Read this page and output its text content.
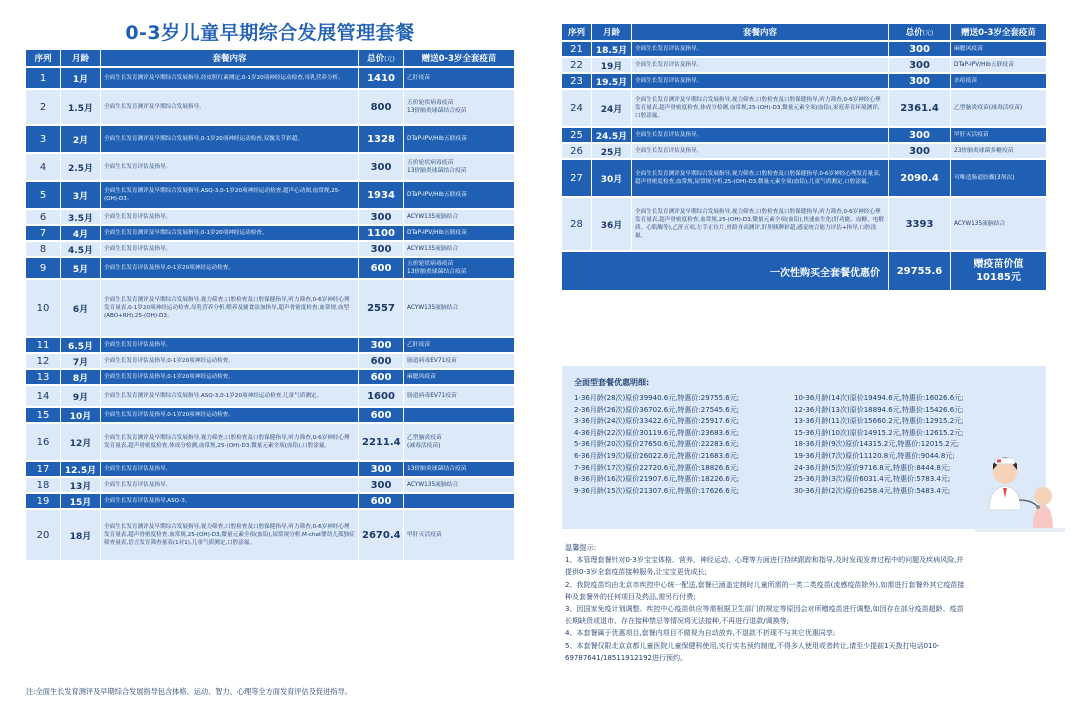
0-3岁儿童早期综合发展管理套餐
序列	月龄	套餐内容	总价(元)	赠送0-3岁全套疫苗
1	1月	全面生长发育测评及早期综合发展指导,经皮胆红素测定,0-1岁20项神经运动检查,母乳营养分析。	1410	乙肝疫苗
2	1.5月	全面生长发育测评及早期综合发展指导。	800	五价轮状病毒疫苗
13价肺炎球菌结合疫苗
3	2月	全面生长发育测评及早期综合发展指导,0-1岁20项神经运动检查,双髋关节彩超。	1328	DTaP-IPV/Hib五联疫苗
4	2.5月	全面生长发育评估及指导。	300	五价轮状病毒疫苗
13价肺炎球菌结合疫苗
5	3月	全面生长发育测评及早期综合发展指导,ASQ-3,0-1岁20项神经运动检查,超声心动图,血常规,25-(OH)-D3。	1934	DTaP-IPV/Hib五联疫苗
6	3.5月	全面生长发育评估及指导。	300	ACYW135流脑结合
7	4月	全面生长发育测评及早期综合发展指导,0-1岁20项神经运动检查。	1100	DTaP-IPV/Hib五联疫苗
8	4.5月	全面生长发育评估及指导。	300	ACYW135流脑结合
9	5月	全面生长发育评估及指导,0-1岁20项神经运动检查。	600	五价轮状病毒疫苗
13价肺炎球菌结合疫苗
10	6月	全面生长发育测评及早期综合发展指导,视力筛查,口腔检查及口腔保健指导,听力筛查,0-6岁神经心理发育量表,0-1岁20项神经运动检查,母乳营养分析,喂养及辅食添加指导,超声骨密度检查,血常规,血型(ABO+RH),25-(OH)-D3。	2557	ACYW135流脑结合
11	6.5月	全面生长发育评估及指导。	300	乙肝疫苗
12	7月	全面生长发育评估及指导,0-1岁20项神经运动检查。	600	肠道病毒EV71疫苗
13	8月	全面生长发育评估及指导,0-1岁20项神经运动检查。	600	麻腮风疫苗
14	9月	全面生长发育测评及早期综合发展指导,ASQ-3,0-1岁20项神经运动检查,儿童气质测定。	1600	肠道病毒EV71疫苗
15	10月	全面生长发育评估及指导,0-1岁20项神经运动检查。	600	
16	12月	全面生长发育测评及早期综合发展指导,视力筛查,口腔检查及口腔保健指导,听力筛查,0-6岁神经心理发育量表,超声骨密度检查,体成分检测,血常规,25-(OH)-D3,微量元素全项(血铅),口腔涂氟。	2211.4	乙型脑炎疫苗
(减毒活疫苗)
17	12.5月	全面生长发育评估及指导。	300	13价肺炎球菌结合疫苗
18	13月	全面生长发育评估及指导。	300	ACYW135流脑结合
19	15月	全面生长发育评估及指导,ASQ-3。	600	
20	18月	全面生长发育测评及早期综合发展指导,视力筛查,口腔检查及口腔保健指导,听力筛查,0-6岁神经心理发育量表,超声骨密度检查,血常规,25-(OH)-D3,微量元素全项(血铅),尿常规分析,M-chat婴幼儿孤独症筛查量表,语言发育筛查量表(1对1),儿童气质测定,口腔涂氟。	2670.4	甲肝灭活疫苗
注:全面生长发育测评及早期综合发展指导包含体格、运动、智力、心理等全方面发育评估及促进指导。
序列	月龄	套餐内容	总价(元)	赠送0-3岁全套疫苗
21	18.5月	全面生长发育评估及指导。	300	麻腮风疫苗
22	19月	全面生长发育评估及指导。	300	DTaP-IPV/Hib五联疫苗
23	19.5月	全面生长发育评估及指导。	300	水痘疫苗
24	24月	全面生长发育测评及早期综合发展指导,视力筛查,口腔检查及口腔保健指导,听力筛查,0-6岁神经心理发育量表,超声骨密度检查,体成分检测,血常规,25-(OH)-D3,微量元素全项(血铅),家庭养育环境测评,口腔涂氟。	2361.4	乙型脑炎疫苗(减毒活疫苗)
25	24.5月	全面生长发育评估及指导。	300	甲肝灭活疫苗
26	25月	全面生长发育评估及指导。	300	23价肺炎球菌多糖疫苗
27	30月	全面生长发育测评及早期综合发展指导,视力筛查,口腔检查及口腔保健指导,0-6岁神经心理发育量表,超声骨密度检查,血常规,尿常规分析,25-(OH)-D3,微量元素全项(血铅),儿童气质测定,口腔涂氟。	2090.4	可唯适肠道胶囊(3剂次)
28	36月	全面生长发育测评及早期综合发展指导,视力筛查,口腔检查及口腔保健指导,听力筛查,0-6岁神经心理发育量表,超声骨密度检查,血常规,25-(OH)-D3,微量元素全项(血铅),快速血生化(肝功能、血糖、电解质、心肌酶等),乙肝五项,左手正位片,骨龄身高测评,肝胆胰脾彩超,感觉统合能力评估+指导,口腔涂氟。	3393	ACYW135流脑结合
一次性购买全套餐优惠价			29755.6	赠疫苗价值
10185元
全面型套餐优惠明细:
1-36月龄(28次)原价39940.6元,特惠价:29755.6元;
2-36月龄(26次)原价36702.6元,特惠价:27545.6元;
3-36月龄(24次)原价33422.6元,特惠价:25917.6元;
4-36月龄(22次)原价30119.6元,特惠价:23683.6元;
5-36月龄(20次)原价27650.6元,特惠价:22283.6元;
6-36月龄(19次)原价26022.6元,特惠价:21683.6元;
7-36月龄(17次)原价22720.6元,特惠价:18826.6元;
8-36月龄(16次)原价21907.6元,特惠价:18226.6元;
9-36月龄(15次)原价21307.6元,特惠价:17626.6元;
10-36月龄(14次)原价19494.6元,特惠价:16026.6元;
12-36月龄(13次)原价18894.6元,特惠价:15426.6元;
13-36月龄(11次)原价15660.2元,特惠价:12915.2元;
15-36月龄(10次)原价14915.2元,特惠价:12615.2元;
18-36月龄(9次)原价14315.2元,特惠价:12015.2元;
19-36月龄(7次)原价11120.8元,特惠价:9044.8元;
24-36月龄(5次)原价9716.8元,特惠价:8444.8元;
25-36月龄(3次)原价6031.4元,特惠价:5783.4元;
30-36月龄(2次)原价6258.4元,特惠价:5483.4元;
温馨提示:
1、本管理套餐针对0-3岁宝宝体格、营养、神经运动、心理等方面进行持续跟踪和指导,及时发现发育过程中的问题及疾病风险,并提供0-3岁全套疫苗接种服务,让宝宝更优成长;
2、我院疫苗均由北京市疾控中心统一配送,套餐已涵盖定制时儿童所需的一类二类疫苗(流感疫苗除外),如需进行套餐外其它疫苗接种及套餐外的任何项目及药品,需另行付费;
3、因国家免疫计划调整、疾控中心疫苗供应等需根据卫生部门的规定等原因会对所赠疫苗进行调整,如因存在部分疫苗超龄、疫苗长期缺货或退市、存在接种禁忌等情况将无法接种,不再进行退款/调换等;
4、本套餐属于优惠项目,套餐内项目不做视为自动放弃,不退款不折现不与其它优惠同享;
5、本套餐仅限北京京都儿童医院儿童保健科使用,实行实名预约制度,不得多人使用或者转让,请至少提前1天拨打电话010-69787641/18511912192进行预约。
